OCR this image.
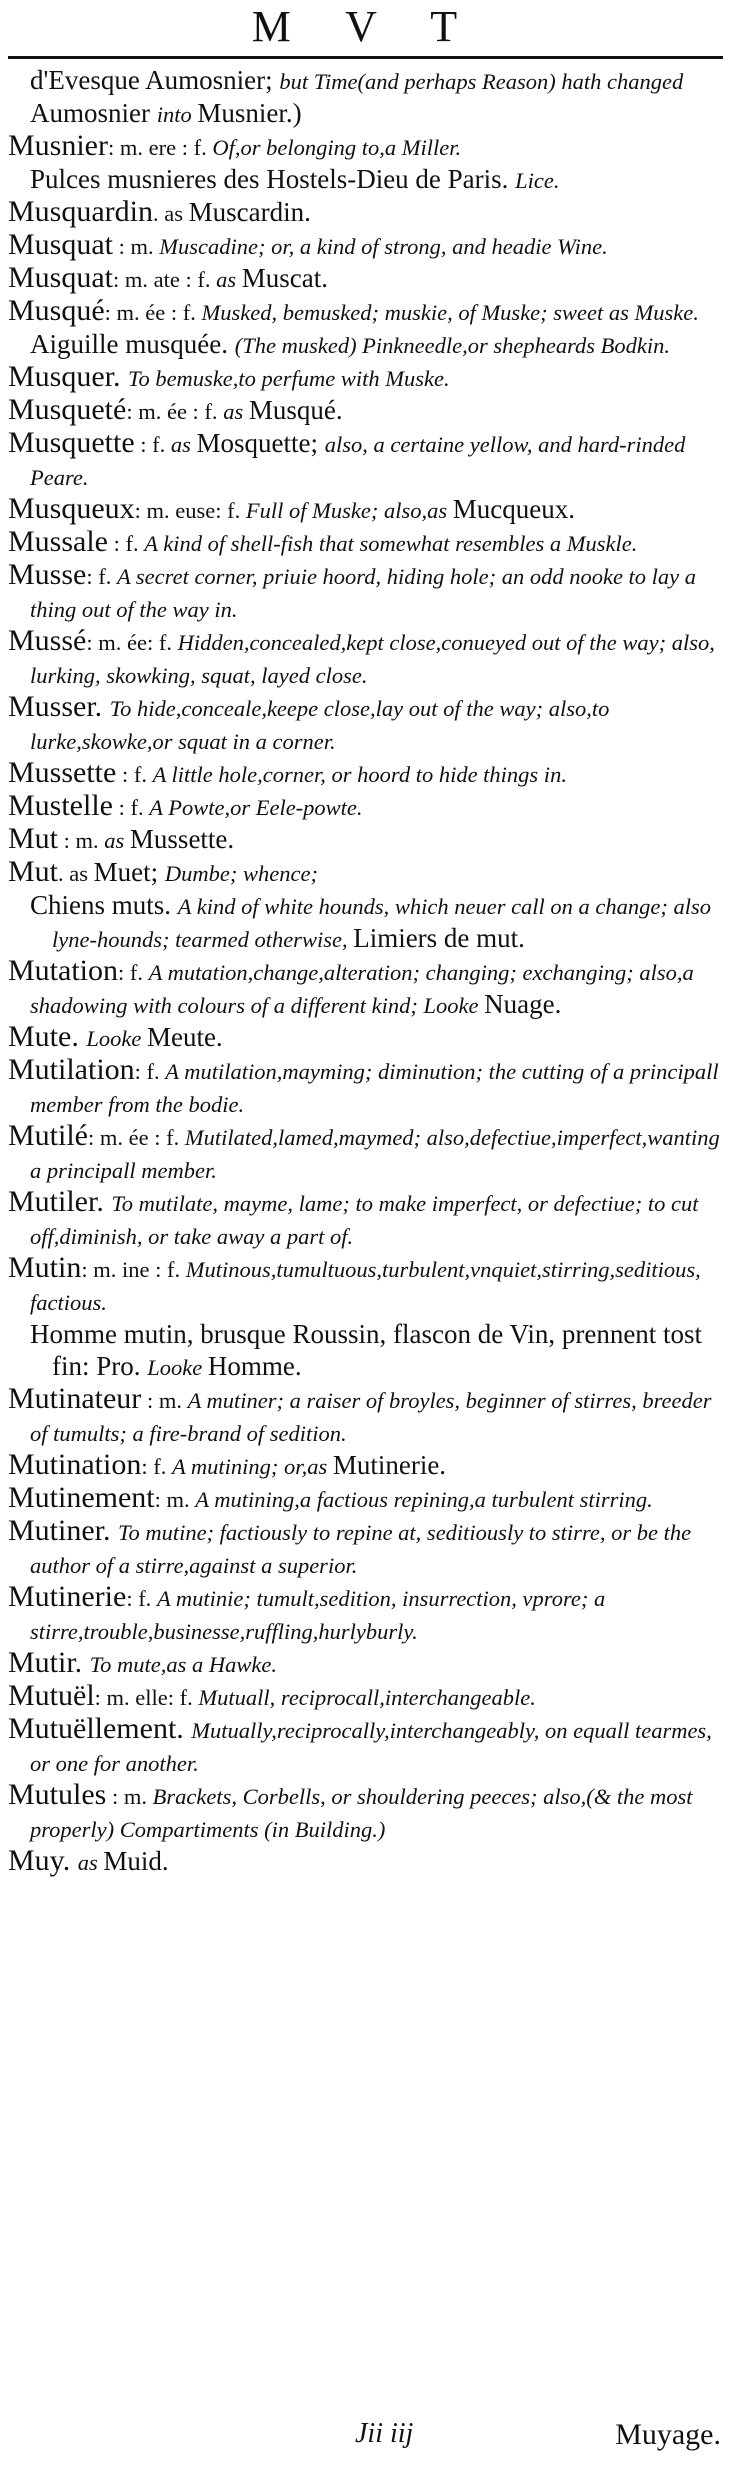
M V T

d'Evesque Aumosnier; but Time(and perhaps Reason) hath changed Aumosnier into Musnier.)

Musnier: m. ere : f. Of,or belonging to,a Miller.

Pulces musnieres des Hostels-Dieu de Paris. Lice.

Musquardin. as Muscardin.

Musquat : m. Muscadine; or, a kind of strong, and headie Wine.

Musquat: m. ate : f. as Muscat.

Musqué: m. ée : f. Musked, bemusked; muskie, of Muske; sweet as Muske.

Aiguille musquée. (The musked) Pinkneedle,or shepheards Bodkin.

Musquer. To bemuske,to perfume with Muske.

Musqueté: m. ée : f. as Musqué.

Musquette : f. as Mosquette; also, a certaine yellow, and hard-rinded Peare.

Musqueux: m. euse: f. Full of Muske; also,as Mucqueux.

Mussale : f. A kind of shell-fish that somewhat resembles a Muskle.

Musse: f. A secret corner, priuie hoord, hiding hole; an odd nooke to lay a thing out of the way in.

Mussé: m. ée: f. Hidden,concealed,kept close,conueyed out of the way; also, lurking, skowking, squat, layed close.

Musser. To hide,conceale,keepe close,lay out of the way; also,to lurke,skowke,or squat in a corner.

Mussette : f. A little hole,corner, or hoord to hide things in.

Mustelle : f. A Powte,or Eele-powte.

Mut : m. as Mussette.

Mut. as Muet; Dumbe; whence;

Chiens muts. A kind of white hounds, which neuer call on a change; also lyne-hounds; tearmed otherwise, Limiers de mut.

Mutation: f. A mutation,change,alteration; changing; exchanging; also,a shadowing with colours of a different kind; Looke Nuage.

Mute. Looke Meute.

Mutilation: f. A mutilation,mayming; diminution; the cutting of a principall member from the bodie.

Mutilé: m. ée : f. Mutilated,lamed,maymed; also,defectiue,imperfect,wanting a principall member.

Mutiler. To mutilate, mayme, lame; to make imperfect, or defectiue; to cut off,diminish, or take away a part of.

Mutin: m. ine : f. Mutinous,tumultuous,turbulent,vnquiet,stirring,seditious, factious.

Homme mutin, brusque Roussin, flascon de Vin, prennent tost fin: Pro. Looke Homme.

Mutinateur : m. A mutiner; a raiser of broyles, beginner of stirres, breeder of tumults; a fire-brand of sedition.

Mutination: f. A mutining; or,as Mutinerie.

Mutinement: m. A mutining,a factious repining,a turbulent stirring.

Mutiner. To mutine; factiously to repine at, seditiously to stirre, or be the author of a stirre,against a superior.

Mutinerie: f. A mutinie; tumult,sedition, insurrection, vprore; a stirre,trouble,businesse,ruffling,hurlyburly.

Mutir. To mute,as a Hawke.

Mutuël: m. elle: f. Mutuall, reciprocall,interchangeable.

Mutuëllement. Mutually,reciprocally,interchangeably, on equall tearmes, or one for another.

Mutules : m. Brackets, Corbells, or shouldering peeces; also,(& the most properly) Compartiments (in Building.)

Muy. as Muid.

Jii iij	Muyage.
